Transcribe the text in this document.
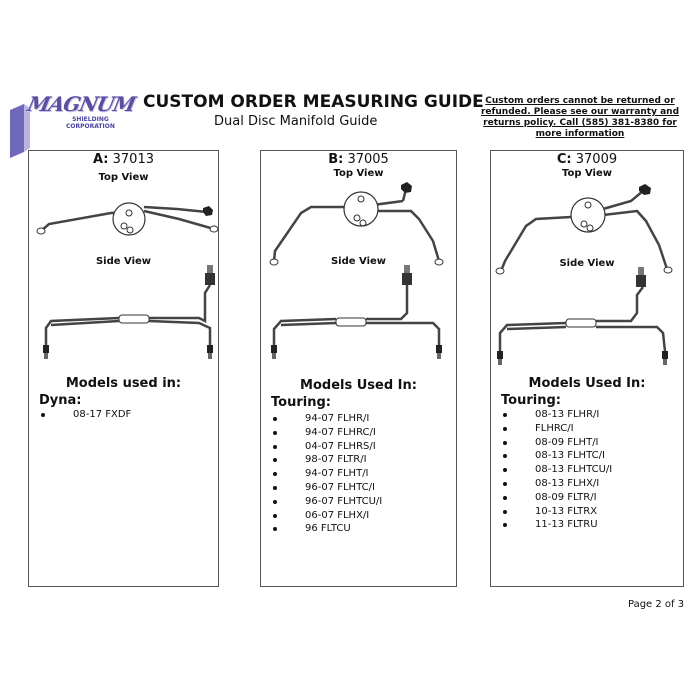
MAGNUM
SHIELDING
CORPORATION
CUSTOM ORDER MEASURING GUIDE
Dual Disc Manifold Guide
Custom orders cannot be returned or refunded. Please see our warranty and returns policy. Call (585) 381-8380 for more information
A: 37013
Top View
Side View
Models used in:
Dyna:
08-17 FXDF
B: 37005
Top View
Side View
Models Used In:
Touring:
94-07 FLHR/I
94-07 FLHRC/I
04-07 FLHRS/I
98-07 FLTR/I
94-07 FLHT/I
96-07 FLHTC/I
96-07 FLHTCU/I
06-07 FLHX/I
96 FLTCU
C: 37009
Top View
Side View
Models Used In:
Touring:
08-13 FLHR/I
FLHRC/I
08-09 FLHT/I
08-13 FLHTC/I
08-13 FLHTCU/I
08-13 FLHX/I
08-09 FLTR/I
10-13 FLTRX
11-13 FLTRU
Page 2 of 3
